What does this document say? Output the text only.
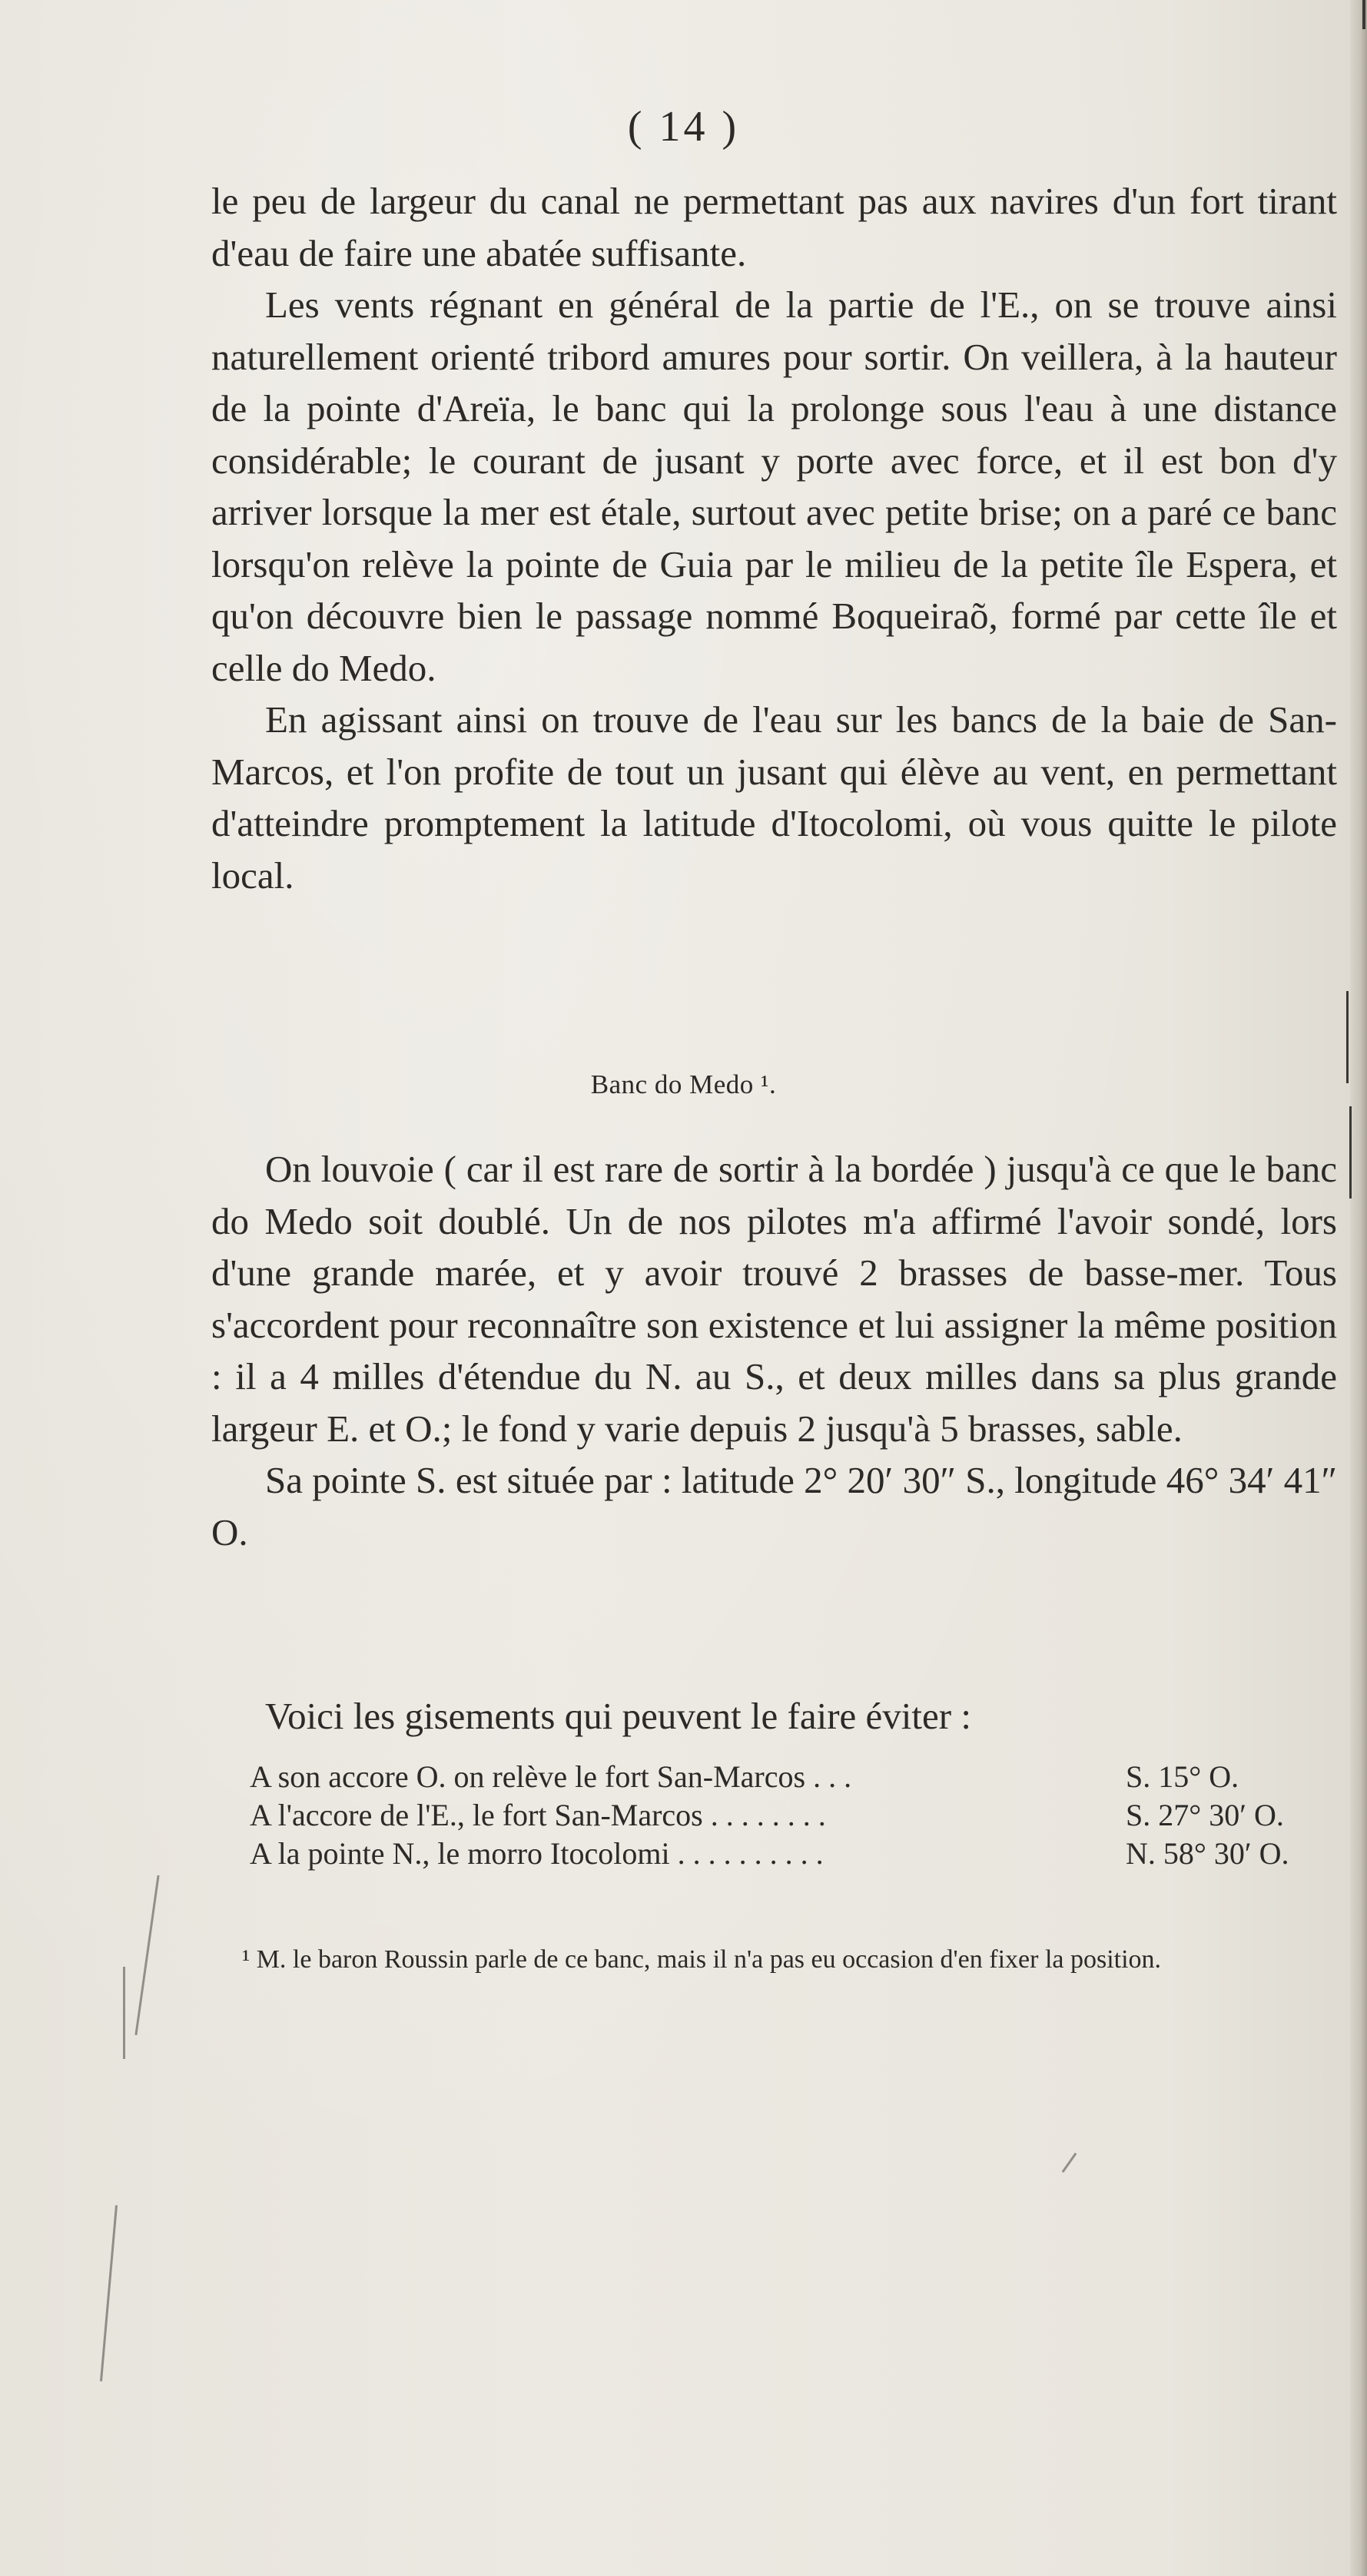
( 14 )

le peu de largeur du canal ne permettant pas aux navires d'un fort tirant d'eau de faire une abatée suffisante.

Les vents régnant en général de la partie de l'E., on se trouve ainsi naturellement orienté tribord amures pour sortir. On veillera, à la hauteur de la pointe d'Areïa, le banc qui la prolonge sous l'eau à une distance considérable; le courant de jusant y porte avec force, et il est bon d'y arriver lorsque la mer est étale, surtout avec petite brise; on a paré ce banc lorsqu'on relève la pointe de Guia par le milieu de la petite île Espera, et qu'on découvre bien le passage nommé Boqueiraõ, formé par cette île et celle do Medo.

En agissant ainsi on trouve de l'eau sur les bancs de la baie de San-Marcos, et l'on profite de tout un jusant qui élève au vent, en permettant d'atteindre promptement la latitude d'Itocolomi, où vous quitte le pilote local.

Banc do Medo ¹.

On louvoie ( car il est rare de sortir à la bordée ) jusqu'à ce que le banc do Medo soit doublé. Un de nos pilotes m'a affirmé l'avoir sondé, lors d'une grande marée, et y avoir trouvé 2 brasses de basse-mer. Tous s'accordent pour reconnaître son existence et lui assigner la même position : il a 4 milles d'étendue du N. au S., et deux milles dans sa plus grande largeur E. et O.; le fond y varie depuis 2 jusqu'à 5 brasses, sable.

Sa pointe S. est située par : latitude 2° 20′ 30″ S., longitude 46° 34′ 41″ O.

Voici les gisements qui peuvent le faire éviter :
A son accore O. on relève le fort San-Marcos . . .	S. 15° O.
A l'accore de l'E., le fort San-Marcos . . . . . . . .	S. 27° 30′ O.
A la pointe N., le morro Itocolomi . . . . . . . . . .	N. 58° 30′ O.

¹ M. le baron Roussin parle de ce banc, mais il n'a pas eu occasion d'en fixer la position.
